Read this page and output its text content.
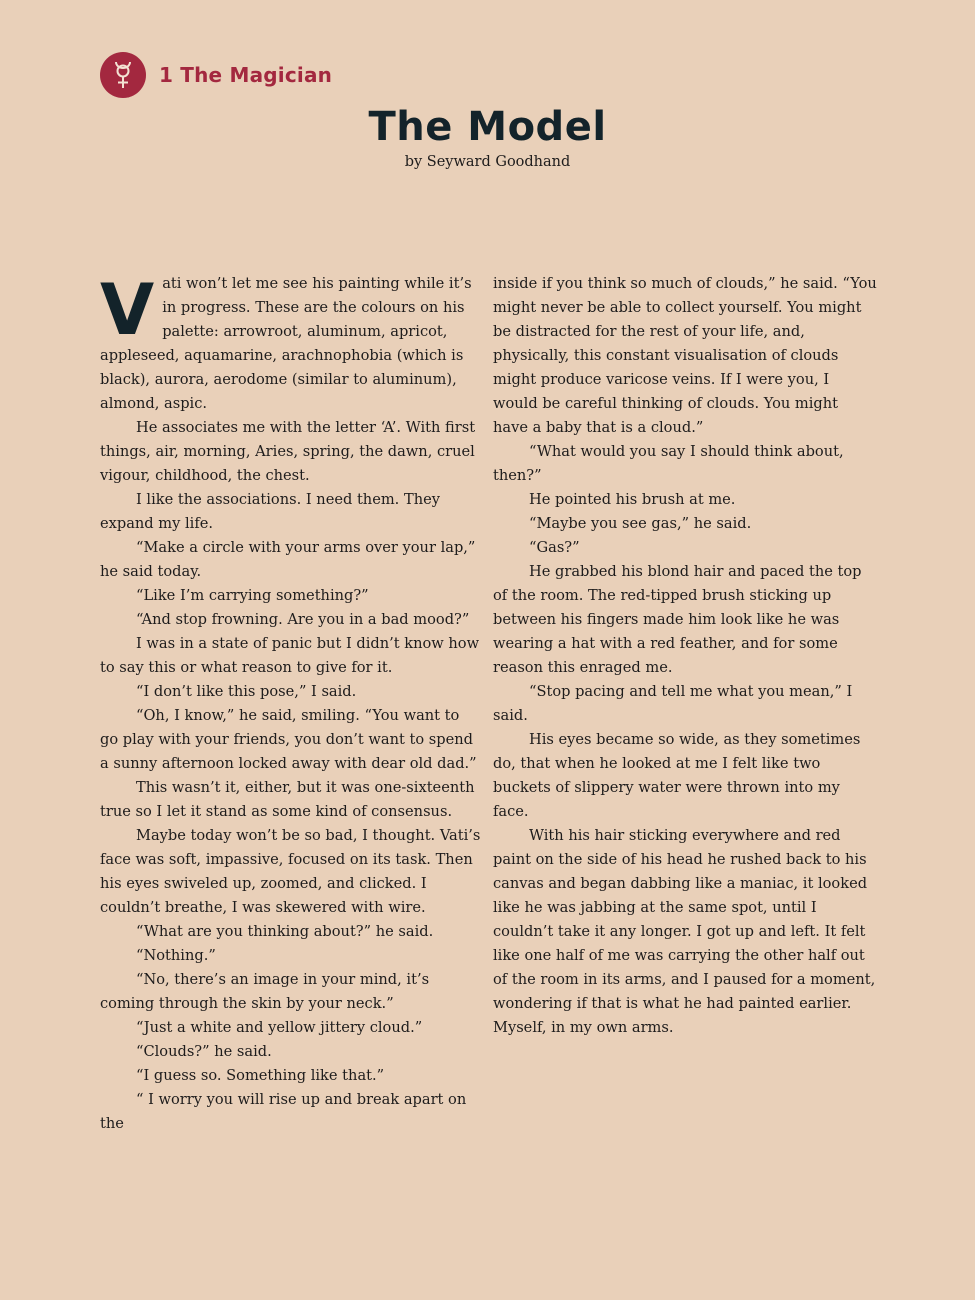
1 The Magician
The Model
by Seyward Goodhand
V ati won’t let me see his painting while it’s in progress. These are the colours on his palette: arrowroot, aluminum, apricot, appleseed, aquamarine, arachnophobia (which is black), aurora, aerodome (similar to aluminum), almond, aspic.

He associates me with the letter ‘A’. With first things, air, morning, Aries, spring, the dawn, cruel vigour, childhood, the chest.

I like the associations. I need them. They expand my life.

“Make a circle with your arms over your lap,” he said today.

“Like I’m carrying something?”

“And stop frowning. Are you in a bad mood?”

I was in a state of panic but I didn’t know how to say this or what reason to give for it.

“I don’t like this pose,” I said.

“Oh, I know,” he said, smiling. “You want to go play with your friends, you don’t want to spend a sunny afternoon locked away with dear old dad.”

This wasn’t it, either, but it was one-sixteenth true so I let it stand as some kind of consensus.

Maybe today won’t be so bad, I thought. Vati’s face was soft, impassive, focused on its task. Then his eyes swiveled up, zoomed, and clicked. I couldn’t breathe, I was skewered with wire.

“What are you thinking about?” he said.

“Nothing.”

“No, there’s an image in your mind, it’s coming through the skin by your neck.”

“Just a white and yellow jittery cloud.”

“Clouds?” he said.

“I guess so. Something like that.”

“ I worry you will rise up and break apart on the

inside if you think so much of clouds,” he said. “You might never be able to collect yourself. You might be distracted for the rest of your life, and, physically, this constant visualisation of clouds might produce varicose veins. If I were you, I would be careful thinking of clouds. You might have a baby that is a cloud.”

“What would you say I should think about, then?”

He pointed his brush at me.

“Maybe you see gas,” he said.

“Gas?”

He grabbed his blond hair and paced the top of the room. The red-tipped brush sticking up between his fingers made him look like he was wearing a hat with a red feather, and for some reason this enraged me.

“Stop pacing and tell me what you mean,” I said.

His eyes became so wide, as they sometimes do, that when he looked at me I felt like two buckets of slippery water were thrown into my face.

With his hair sticking everywhere and red paint on the side of his head he rushed back to his canvas and began dabbing like a maniac, it looked like he was jabbing at the same spot, until I couldn’t take it any longer. I got up and left. It felt like one half of me was carrying the other half out of the room in its arms, and I paused for a moment, wondering if that is what he had painted earlier. Myself, in my own arms.
